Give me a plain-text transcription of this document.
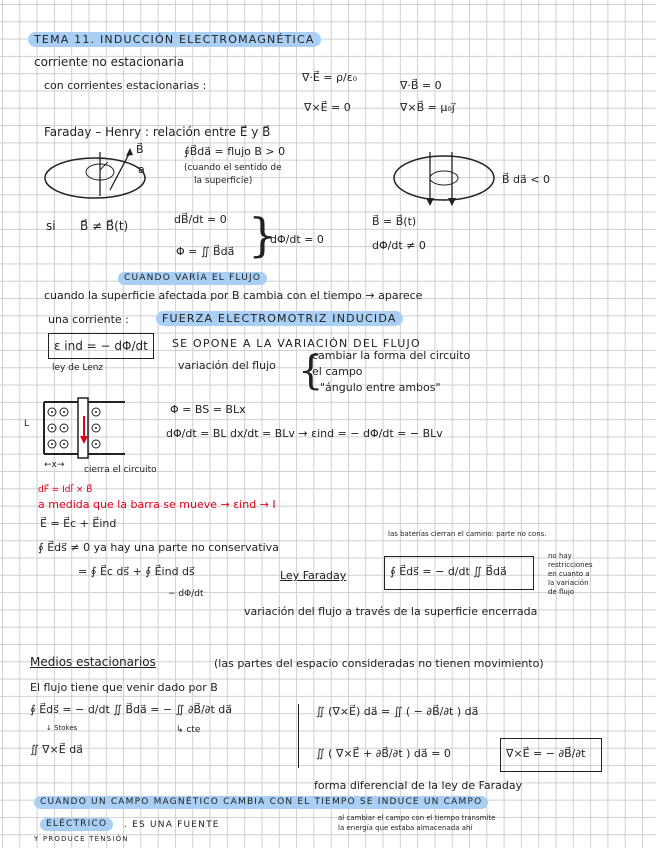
TEMA 11. INDUCCIÓN ELECTROMAGNÉTICA
corriente no estacionaria
con corrientes estacionarias :
∇·E⃗ = ρ/ε₀
∇·B⃗ = 0
∇×E⃗ = 0	∇×B⃗ = μ₀j⃗
Faraday – Henry : relación entre E⃗ y B⃗
B⃗
a
∮B⃗da⃗ = flujo B > 0
(cuando el sentido de
la superficie)	B⃗ da⃗ < 0
si B⃗ ≠ B⃗(t)	dB⃗/dt = 0
Φ = ∬ B⃗da⃗ }
dΦ/dt = 0
B⃗ = B⃗(t)
dΦ/dt ≠ 0
CUANDO VARÍA EL FLUJO
cuando la superficie afectada por B cambia con el tiempo → aparece
una corriente :	FUERZA ELECTROMOTRIZ INDUCIDA
ε ind = − dΦ/dt SE OPONE A LA VARIACIÓN DEL FLUJO
ley de Lenz	variación del flujo {
cambiar la forma del circuito
el campo
"ángulo entre ambos"
L
←x→ cierra el circuito
Φ = BS = BLx
dΦ/dt = BL dx/dt = BLv → εind = − dΦ/dt = − BLv
dF⃗ = Idl⃗ × B⃗
a medida que la barra se mueve → εind → I
E⃗ = E⃗c + E⃗ind
∮ E⃗ds⃗ ≠ 0 ya hay una parte no conservativa
las baterías cierran el camino: parte no cons.
= ∮ E⃗c ds⃗ + ∮ E⃗ind ds⃗
− dΦ/dt
Ley Faraday	∮ E⃗ds⃗ = − d/dt ∬ B⃗da⃗
no hay
restricciones
en cuanto a
la variación
de flujo
variación del flujo a través de la superficie encerrada
Medios estacionarios	(las partes del espacio consideradas no tienen movimiento)
El flujo tiene que venir dado por B
∮ E⃗ds⃗ = − d/dt ∬ B⃗da⃗ = − ∬ ∂B⃗/∂t da⃗
↓ Stokes	↳ cte
∬ ∇×E⃗ da⃗
∬ (∇×E⃗) da⃗ = ∬ ( − ∂B⃗/∂t ) da⃗
∬ ( ∇×E⃗ + ∂B⃗/∂t ) da⃗ = 0	∇×E⃗ = − ∂B⃗/∂t
forma diferencial de la ley de Faraday
CUANDO UN CAMPO MAGNÉTICO CAMBIA CON EL TIEMPO SE INDUCE UN CAMPO
ELÉCTRICO	. ES UNA FUENTE
Y PRODUCE TENSIÓN
al cambiar el campo con el tiempo transmite
la energía que estaba almacenada ahí
